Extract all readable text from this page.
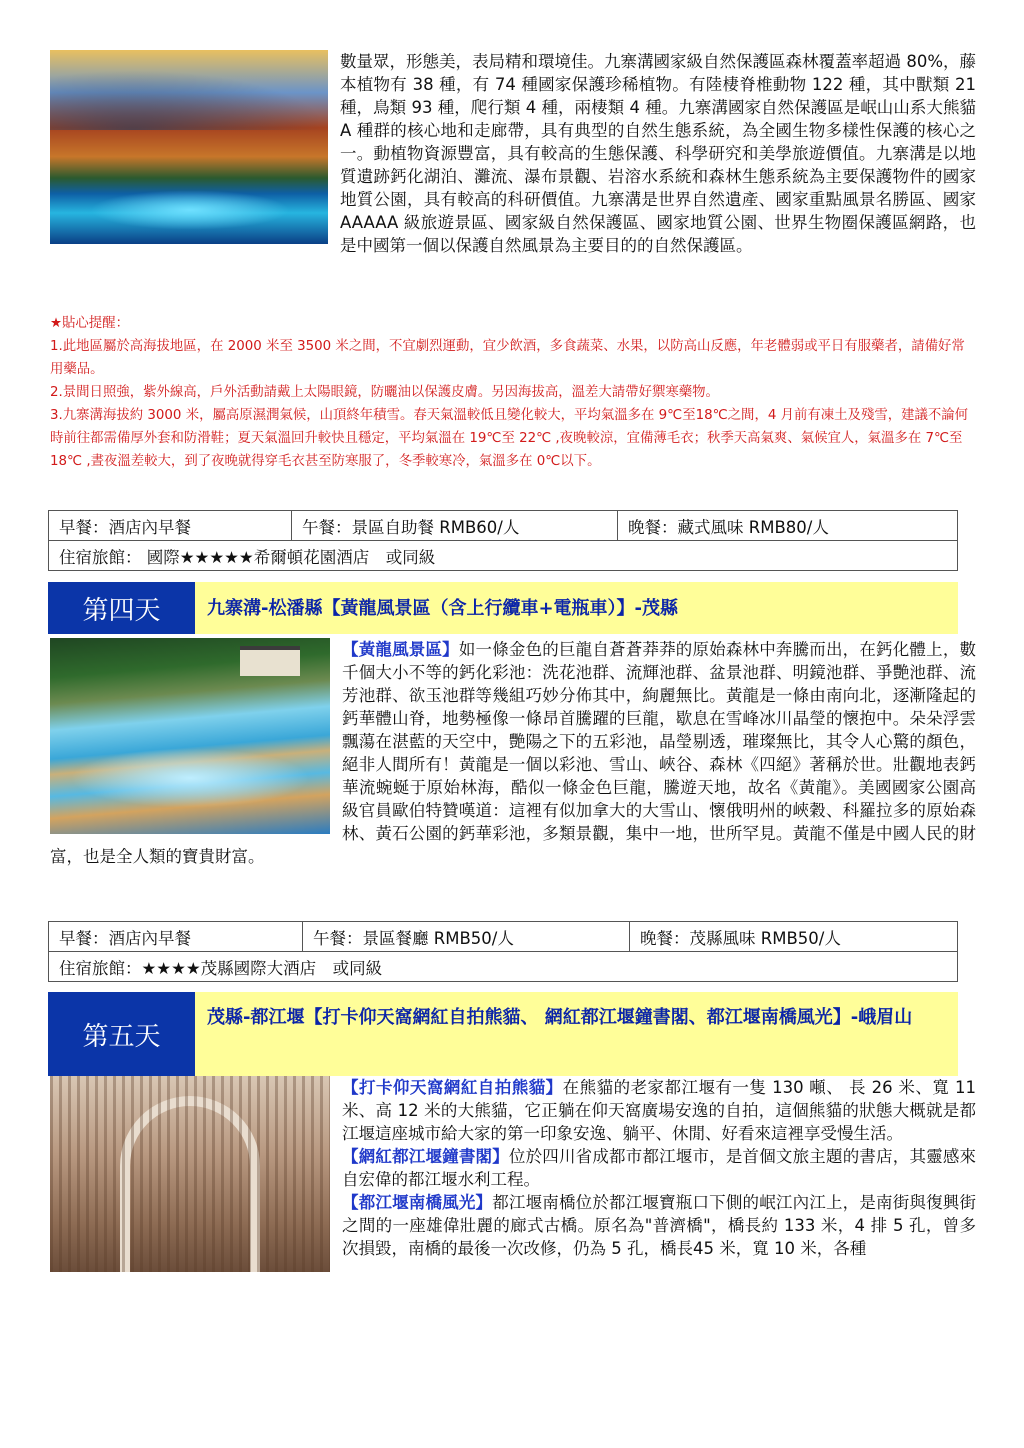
數量眾，形態美，表局精和環境佳。九寨溝國家級自然保護區森林覆蓋率超過 80%，藤本植物有 38 種，有 74 種國家保護珍稀植物。有陸棲脊椎動物 122 種，其中獸類 21 種，鳥類 93 種，爬行類 4 種，兩棲類 4 種。九寨溝國家自然保護區是岷山山系大熊貓 A 種群的核心地和走廊帶，具有典型的自然生態系統，為全國生物多樣性保護的核心之一。動植物資源豐富，具有較高的生態保護、科學研究和美學旅遊價值。九寨溝是以地質遺跡鈣化湖泊、灘流、瀑布景觀、岩溶水系統和森林生態系統為主要保護物件的國家地質公園，具有較高的科研價值。九寨溝是世界自然遺產、國家重點風景名勝區、國家 AAAAA 級旅遊景區、國家級自然保護區、國家地質公園、世界生物圈保護區網路，也是中國第一個以保護自然風景為主要目的的自然保護區。
★貼心提醒：
1.此地區屬於高海拔地區，在 2000 米至 3500 米之間，不宜劇烈運動，宜少飲酒，多食蔬菜、水果，以防高山反應，年老體弱或平日有服藥者，請備好常用藥品。
2.景間日照強，紫外線高，戶外活動請戴上太陽眼鏡，防曬油以保護皮膚。另因海拔高，溫差大請帶好禦寒藥物。
3.九寨溝海拔約 3000 米，屬高原濕潤氣候，山頂終年積雪。春天氣溫較低且變化較大，平均氣溫多在 9℃至18℃之間，4 月前有凍土及殘雪，建議不論何時前往都需備厚外套和防滑鞋；夏天氣溫回升較快且穩定，平均氣溫在 19℃至 22℃ ,夜晚較涼，宜備薄毛衣；秋季天高氣爽、氣候宜人，氣溫多在 7℃至18℃ ,晝夜溫差較大，到了夜晚就得穿毛衣甚至防寒服了，冬季較寒冷，氣溫多在 0℃以下。
早餐：酒店內早餐	午餐：景區自助餐 RMB60/人	晚餐：藏式風味 RMB80/人
住宿旅館： 國際★★★★★希爾頓花園酒店　或同級
第四天	九寨溝-松潘縣【黃龍風景區（含上行纜車+電瓶車）】-茂縣
【黃龍風景區】如一條金色的巨龍自蒼蒼莽莽的原始森林中奔騰而出，在鈣化體上，數千個大小不等的鈣化彩池：洗花池群、流輝池群、盆景池群、明鏡池群、爭艷池群、流芳池群、欲玉池群等幾組巧妙分佈其中，絢麗無比。黃龍是一條由南向北，逐漸隆起的鈣華體山脊，地勢極像一條昂首騰躍的巨龍，歇息在雪峰冰川晶瑩的懷抱中。朵朵浮雲飄蕩在湛藍的天空中，艷陽之下的五彩池，晶瑩剔透，璀璨無比，其令人心驚的顏色，絕非人間所有！黃龍是一個以彩池、雪山、峽谷、森林《四絕》著稱於世。壯觀地表鈣華流蜿蜒于原始林海，酷似一條金色巨龍，騰遊天地，故名《黃龍》。美國國家公園高級官員歐伯特贊嘆道：這裡有似加拿大的大雪山、懷俄明州的峽穀、科羅拉多的原始森林、黃石公園的鈣華彩池，多類景觀，集中一地，世所罕見。黃龍不僅是中國人民的財富，也是全人類的寶貴財富。
早餐：酒店內早餐	午餐：景區餐廳 RMB50/人	晚餐：茂縣風味 RMB50/人
住宿旅館：★★★★茂縣國際大酒店　或同級
第五天
茂縣-都江堰【打卡仰天窩網紅自拍熊貓、 網紅都江堰鐘書閣、都江堰南橋風光】-峨眉山
【打卡仰天窩網紅自拍熊貓】在熊貓的老家都江堰有一隻 130 噸、 長 26 米、寬 11 米、高 12 米的大熊貓，它正躺在仰天窩廣場安逸的自拍，這個熊貓的狀態大概就是都江堰這座城市給大家的第一印象安逸、躺平、休閒、好看來這裡享受慢生活。
【網紅都江堰鐘書閣】位於四川省成都市都江堰市，是首個文旅主題的書店，其靈感來自宏偉的都江堰水利工程。
【都江堰南橋風光】都江堰南橋位於都江堰寶瓶口下側的岷江內江上，是南街與復興街之間的一座雄偉壯麗的廊式古橋。原名為"普濟橋"，橋長約 133 米，4 排 5 孔，曾多次損毀，南橋的最後一次改修，仍為 5 孔，橋長45 米，寬 10 米，各種
